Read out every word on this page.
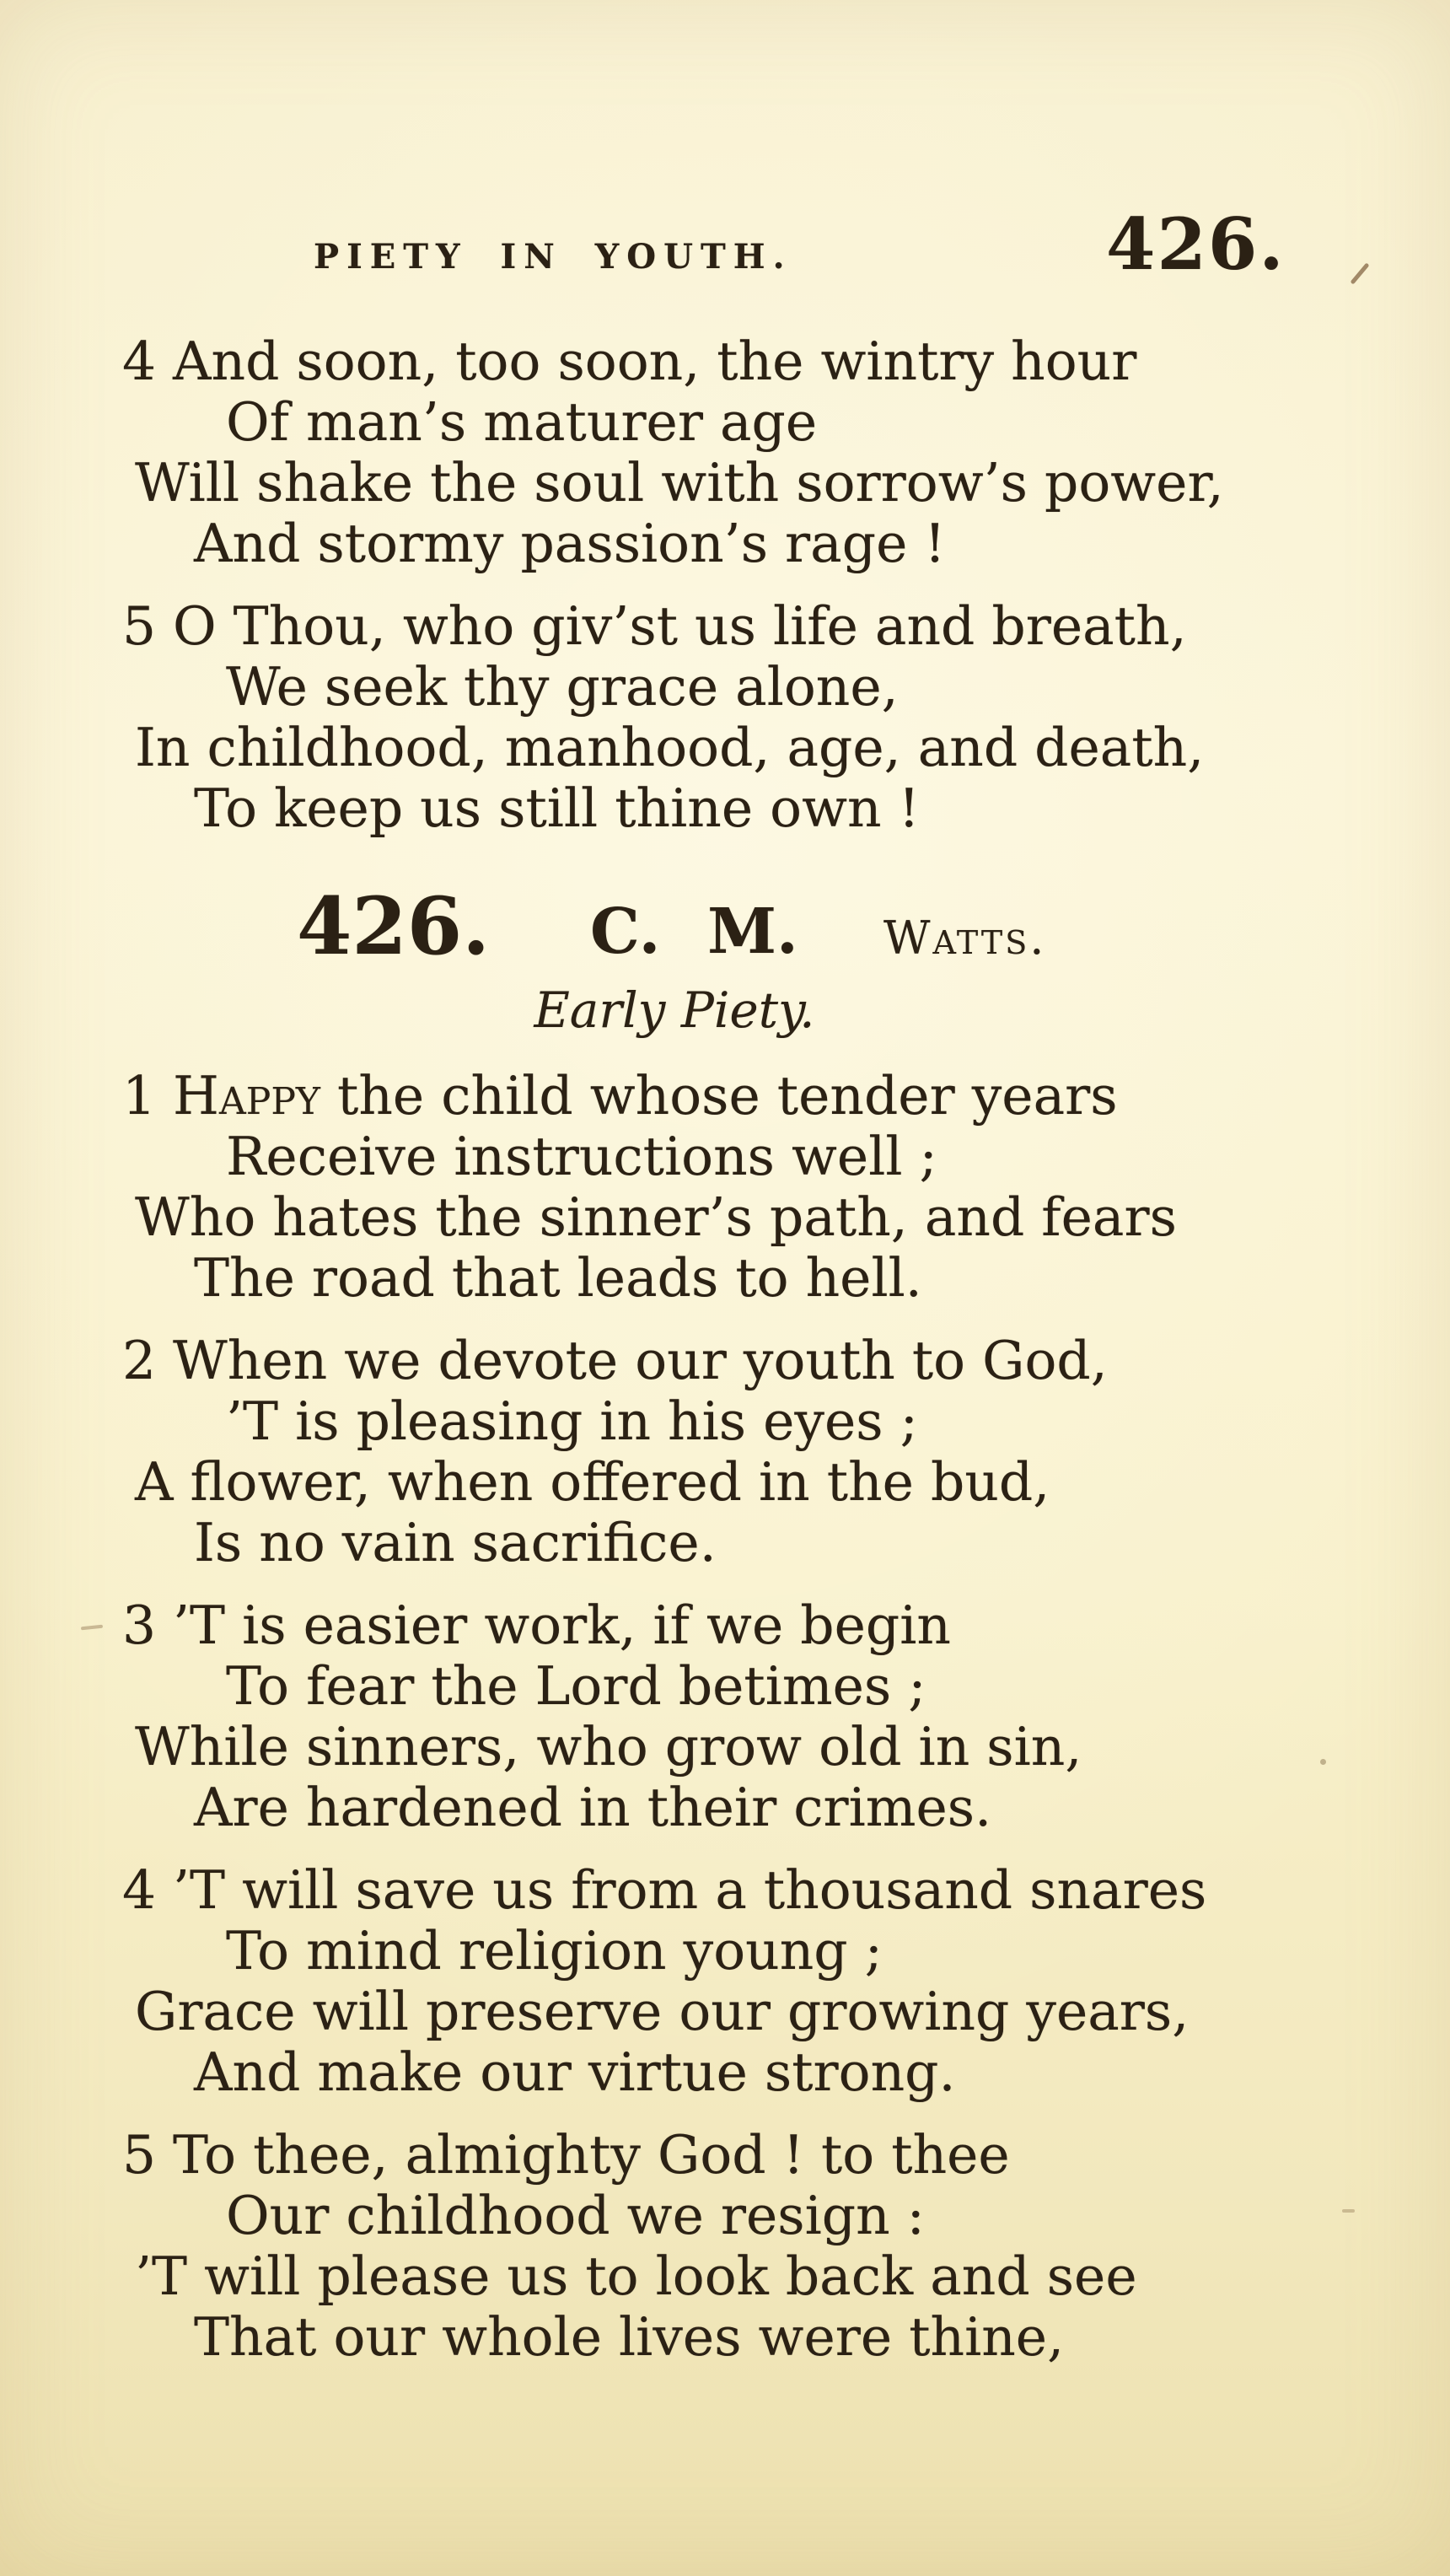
PIETY IN YOUTH.	426.
4 And soon, too soon, the wintry hour
Of man’s maturer age
Will shake the soul with sorrow’s power,
And stormy passion’s rage !
5 O Thou, who giv’st us life and breath,
We seek thy grace alone,
In childhood, manhood, age, and death,
To keep us still thine own !
426. C. M. Watts.
Early Piety.
1 Happy the child whose tender years
Receive instructions well ;
Who hates the sinner’s path, and fears
The road that leads to hell.
2 When we devote our youth to God,
’T is pleasing in his eyes ;
A flower, when offered in the bud,
Is no vain sacrifice.
3 ’T is easier work, if we begin
To fear the Lord betimes ;
While sinners, who grow old in sin,
Are hardened in their crimes.
4 ’T will save us from a thousand snares
To mind religion young ;
Grace will preserve our growing years,
And make our virtue strong.
5 To thee, almighty God ! to thee
Our childhood we resign :
’T will please us to look back and see
That our whole lives were thine,
